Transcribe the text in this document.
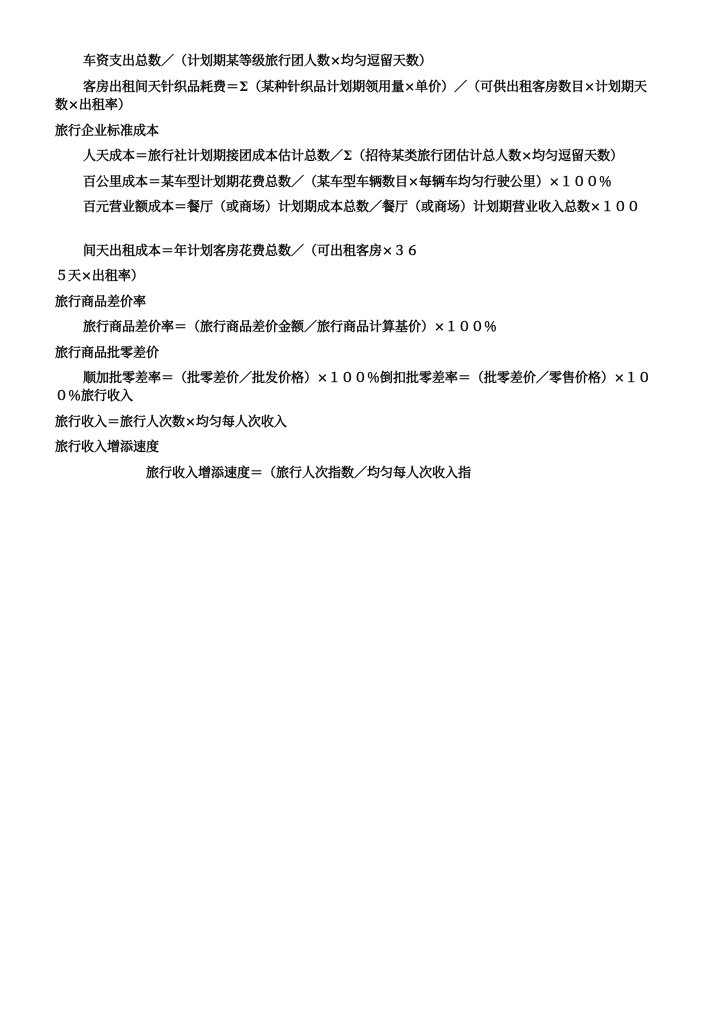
车资支出总数／（计划期某等级旅行团人数×均匀逗留天数）
客房出租间天针织品耗费＝Σ（某种针织品计划期领用量×单价）／（可供出租客房数目×计划期天数×出租率）
旅行企业标准成本
人天成本＝旅行社计划期接团成本估计总数／Σ（招待某类旅行团估计总人数×均匀逗留天数）
百公里成本＝某车型计划期花费总数／（某车型车辆数目×每辆车均匀行驶公里）×１００％
百元营业额成本＝餐厅（或商场）计划期成本总数／餐厅（或商场）计划期营业收入总数×１００
间天出租成本＝年计划客房花费总数／（可出租客房×３６
５天×出租率）
旅行商品差价率
旅行商品差价率＝（旅行商品差价金额／旅行商品计算基价）×１００％
旅行商品批零差价
顺加批零差率＝（批零差价／批发价格）×１００％倒扣批零差率＝（批零差价／零售价格）×１００％旅行收入
旅行收入＝旅行人次数×均匀每人次收入
旅行收入增添速度
旅行收入增添速度＝（旅行人次指数／均匀每人次收入指
